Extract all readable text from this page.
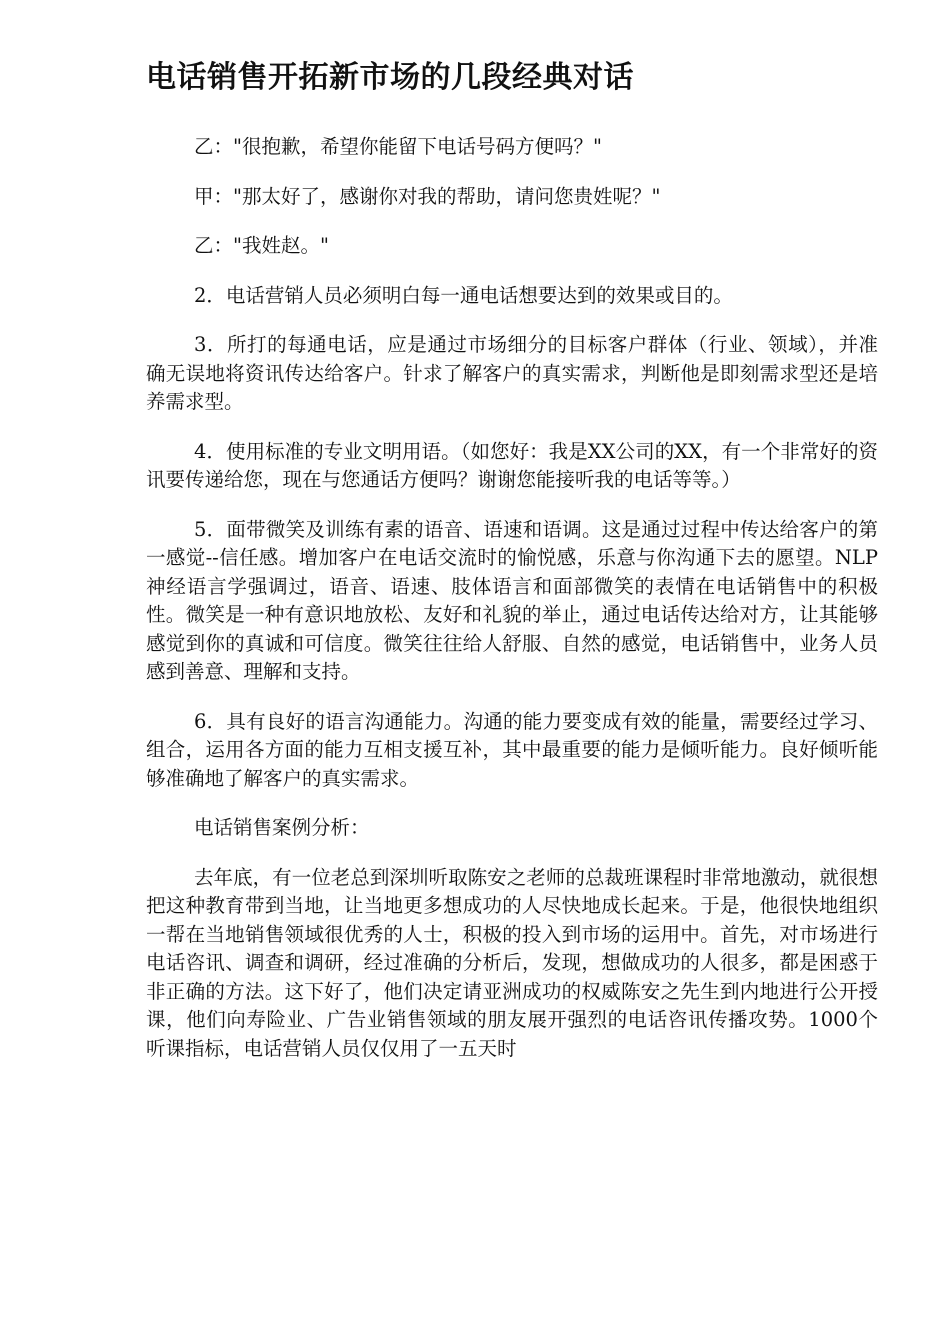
电话销售开拓新市场的几段经典对话

乙："很抱歉，希望你能留下电话号码方便吗？"

甲："那太好了，感谢你对我的帮助，请问您贵姓呢？"

乙："我姓赵。"

2．电话营销人员必须明白每一通电话想要达到的效果或目的。

3．所打的每通电话，应是通过市场细分的目标客户群体（行业、领域），并准确无误地将资讯传达给客户。针求了解客户的真实需求，判断他是即刻需求型还是培养需求型。

4．使用标准的专业文明用语。（如您好：我是XX公司的XX，有一个非常好的资讯要传递给您，现在与您通话方便吗？谢谢您能接听我的电话等等。）

5．面带微笑及训练有素的语音、语速和语调。这是通过过程中传达给客户的第一感觉--信任感。增加客户在电话交流时的愉悦感，乐意与你沟通下去的愿望。NLP神经语言学强调过，语音、语速、肢体语言和面部微笑的表情在电话销售中的积极性。微笑是一种有意识地放松、友好和礼貌的举止，通过电话传达给对方，让其能够感觉到你的真诚和可信度。微笑往往给人舒服、自然的感觉，电话销售中，业务人员感到善意、理解和支持。

6．具有良好的语言沟通能力。沟通的能力要变成有效的能量，需要经过学习、组合，运用各方面的能力互相支援互补，其中最重要的能力是倾听能力。良好倾听能够准确地了解客户的真实需求。

电话销售案例分析：

去年底，有一位老总到深圳听取陈安之老师的总裁班课程时非常地激动，就很想把这种教育带到当地，让当地更多想成功的人尽快地成长起来。于是，他很快地组织一帮在当地销售领域很优秀的人士，积极的投入到市场的运用中。首先，对市场进行电话咨讯、调查和调研，经过准确的分析后，发现，想做成功的人很多，都是困惑于非正确的方法。这下好了，他们决定请亚洲成功的权威陈安之先生到内地进行公开授课，他们向寿险业、广告业销售领域的朋友展开强烈的电话咨讯传播攻势。1000个听课指标，电话营销人员仅仅用了一五天时
